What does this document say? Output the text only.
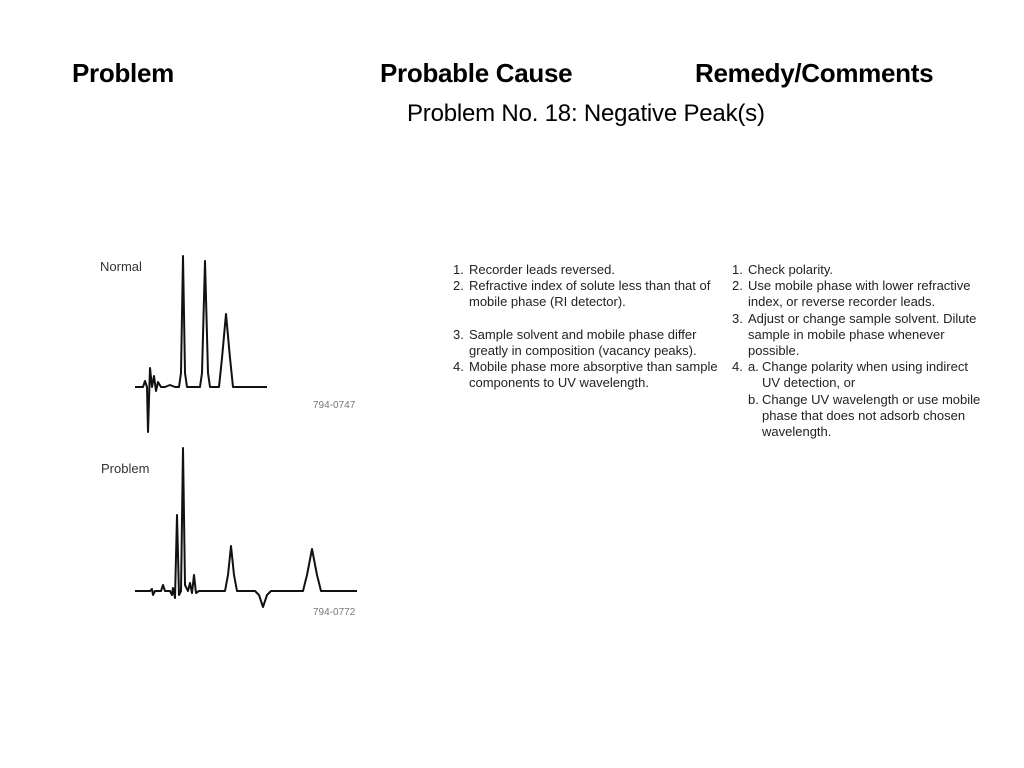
Problem	Probable Cause	Remedy/Comments
Problem No. 18: Negative Peak(s)
Normal
794-0747
Problem
794-0772
1. Recorder leads reversed.
2. Refractive index of solute less than that of mobile phase (RI detector).
3. Sample solvent and mobile phase differ greatly in composition (vacancy peaks).
4. Mobile phase more absorptive than sample components to UV wavelength.
1. Check polarity.
2. Use mobile phase with lower refractive index, or reverse recorder leads.
3. Adjust or change sample solvent. Dilute sample in mobile phase whenever possible.
4. a. Change polarity when using indirect UV detection, or
b. Change UV wavelength or use mobile phase that does not adsorb chosen wavelength.
